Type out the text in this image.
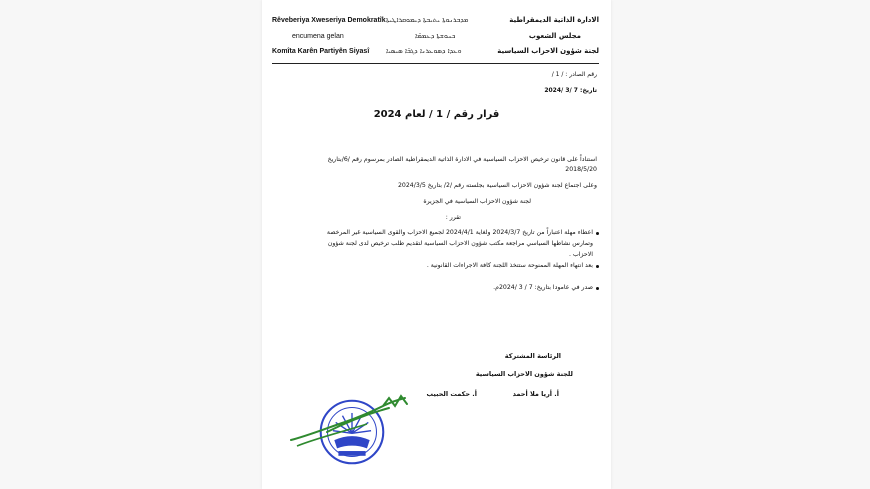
Rêveberiya Xweseriya Demokratîk
encumena gelan
Komîta Karên Partiyên Siyasî
ܡܕܒܪܢܘܬܐ ܝܬܝܒܬܐ ܕܝܡܘܩܪܐܛܝܬܐ
ܟܢܘܫܬܐ ܕܥܡܡ̈ܐ
ܘܥܕܐ ܕܣܘܥܪܢܐ ܕܓܒ̈ܐ ܣܝܣܝܐ
الادارة الذاتية الديمقراطية
مجلس الشعوب
لجنة شؤون الاحزاب السياسية
رقم الصادر : / 1 /
تاريخ: 7 /3 /2024
قرار رقم / 1 / لعام 2024
استناداً على قانون ترخيص الاحزاب السياسية في الادارة الذاتية الديمقراطية الصادر بمرسوم رقم /6/بتاريخ
2018/5/20
وعلى اجتماع لجنة شؤون الاحزاب السياسية بجلسته رقم /2/ بتاريخ 2024/3/5
لجنة شؤون الاحزاب السياسية في الجزيرة
تقرر :
اعطاء مهلة اعتباراً من تاريخ 2024/3/7 ولغاية 2024/4/1 لجميع الاحزاب والقوى السياسية غير المرخصة
وتمارس نشاطها السياسي مراجعة مكتب شؤون الاحزاب السياسية لتقديم طلب ترخيص لدى لجنة شؤون
الاحزاب .
بعد انتهاء المهلة الممنوحة ستتخذ اللجنة كافة الاجراءات القانونية .
صدر في عامودا بتاريخ: 7 / 3 /2024م.
الرئاسة المشتركة
للجنة شؤون الاحزاب السياسية
أ. حكمت الحبيب	أ. أريا ملا أحمد
